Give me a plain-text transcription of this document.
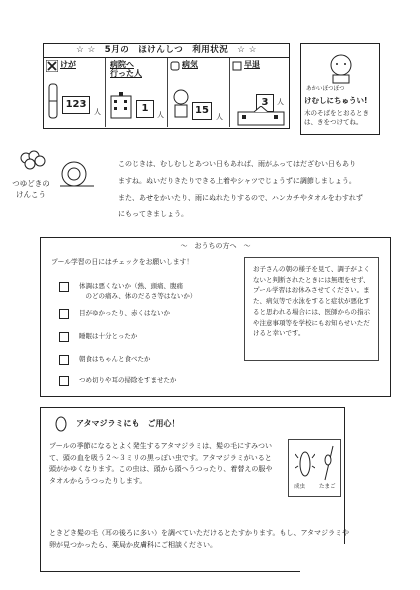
☆ ☆　5月の　ほけんしつ　利用状況　☆ ☆
けが
123
人
病院へ
行った人
1
人
病気
15
人
早退
3	人
あかいぼつぼつ
けむしにちゅうい!
木のそばをとおるときは、きをつけてね。
つゆどきの
けんこう
このじきは、むしむしとあつい日もあれば、雨がふってはだざむい日もあり
ますね。ぬいだりきたりできる上着やシャツでじょうずに調節しましょう。
また、あせをかいたり、雨にぬれたりするので、ハンカチやタオルをわすれず
にもってきましょう。
〜　おうちの方へ　〜
プール学習の日にはチェックをお願いします！
体調は悪くないか（熱、頭痛、腹痛
　のどの痛み、体のだるさ等はないか）
目がゆかったり、赤くはないか
睡眠は十分とったか
朝食はちゃんと食べたか
つめ切りや耳の掃除をすませたか
お子さんの朝の様子を見て、調子がよくないと判断されたときには無理をせず、プール学習はお休みさせてください。また、病気等で水泳をすると症状が悪化すると思われる場合には、医師からの指示や注意事項等を学校にもお知らせいただけると幸いです。
アタマジラミにも　ご用心！
プールの季節になるとよく発生するアタマジラミは、髪の毛にすみついて、頭の血を吸う２〜３ミリの黒っぽい虫です。アタマジラミがいると頭がかゆくなります。この虫は、頭から頭へうつったり、着替えの服やタオルからうつったりします。
成虫	たまご
ときどき髪の毛（耳の後ろに多い）を調べていただけるとたすかります。もし、アタマジラミや卵が見つかったら、薬局か皮膚科にご相談ください。
